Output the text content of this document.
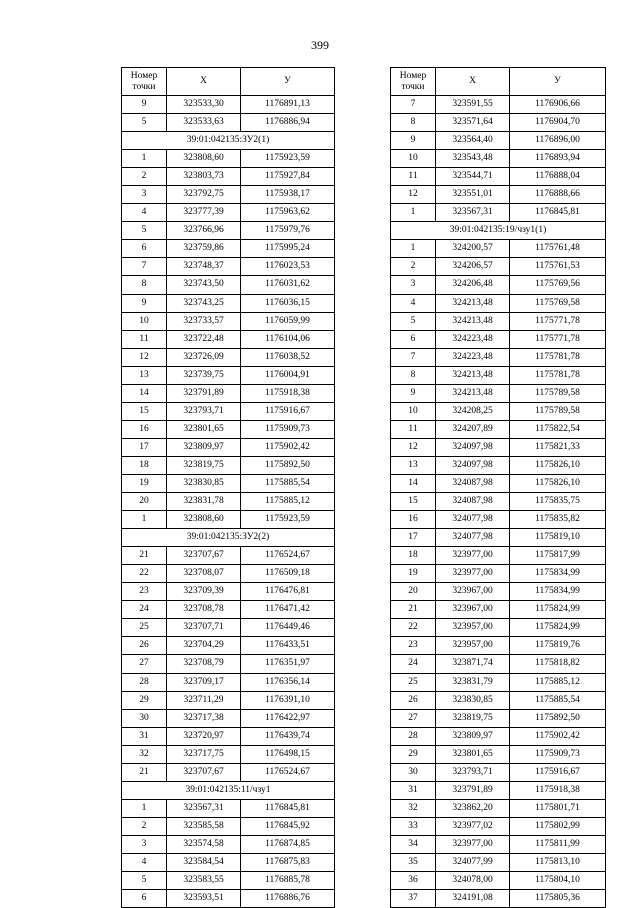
399
Номер точки	X	У
9	323533,30	1176891,13
5	323533,63	1176886,94
39:01:042135:ЗУ2(1)		
1	323808,60	1175923,59
2	323803,73	1175927,84
3	323792,75	1175938,17
4	323777,39	1175963,62
5	323766,96	1175979,76
6	323759,86	1175995,24
7	323748,37	1176023,53
8	323743,50	1176031,62
9	323743,25	1176036,15
10	323733,57	1176059,99
11	323722,48	1176104,06
12	323726,09	1176038,52
13	323739,75	1176004,91
14	323791,89	1175918,38
15	323793,71	1175916,67
16	323801,65	1175909,73
17	323809,97	1175902,42
18	323819,75	1175892,50
19	323830,85	1175885,54
20	323831,78	1175885,12
1	323808,60	1175923,59
39:01:042135:ЗУ2(2)		
21	323707,67	1176524,67
22	323708,07	1176509,18
23	323709,39	1176476,81
24	323708,78	1176471,42
25	323707,71	1176449,46
26	323704,29	1176433,51
27	323708,79	1176351,97
28	323709,17	1176356,14
29	323711,29	1176391,10
30	323717,38	1176422,97
31	323720,97	1176439,74
32	323717,75	1176498,15
21	323707,67	1176524,67
39:01:042135:11/чзу1		
1	323567,31	1176845,81
2	323585,58	1176845,92
3	323574,58	1176874,85
4	323584,54	1176875,83
5	323583,55	1176885,78
6	323593,51	1176886,76
Номер точки	X	У
7	323591,55	1176906,66
8	323571,64	1176904,70
9	323564,40	1176896,00
10	323543,48	1176893,94
11	323544,71	1176888,04
12	323551,01	1176888,66
1	323567,31	1176845,81
39:01:042135:19/чзу1(1)		
1	324200,57	1175761,48
2	324206,57	1175761,53
3	324206,48	1175769,56
4	324213,48	1175769,58
5	324213,48	1175771,78
6	324223,48	1175771,78
7	324223,48	1175781,78
8	324213,48	1175781,78
9	324213,48	1175789,58
10	324208,25	1175789,58
11	324207,89	1175822,54
12	324097,98	1175821,33
13	324097,98	1175826,10
14	324087,98	1175826,10
15	324087,98	1175835,75
16	324077,98	1175835,82
17	324077,98	1175819,10
18	323977,00	1175817,99
19	323977,00	1175834,99
20	323967,00	1175834,99
21	323967,00	1175824,99
22	323957,00	1175824,99
23	323957,00	1175819,76
24	323871,74	1175818,82
25	323831,79	1175885,12
26	323830,85	1175885,54
27	323819,75	1175892,50
28	323809,97	1175902,42
29	323801,65	1175909,73
30	323793,71	1175916,67
31	323791,89	1175918,38
32	323862,20	1175801,71
33	323977,02	1175802,99
34	323977,00	1175811,99
35	324077,99	1175813,10
36	324078,00	1175804,10
37	324191,08	1175805,36
